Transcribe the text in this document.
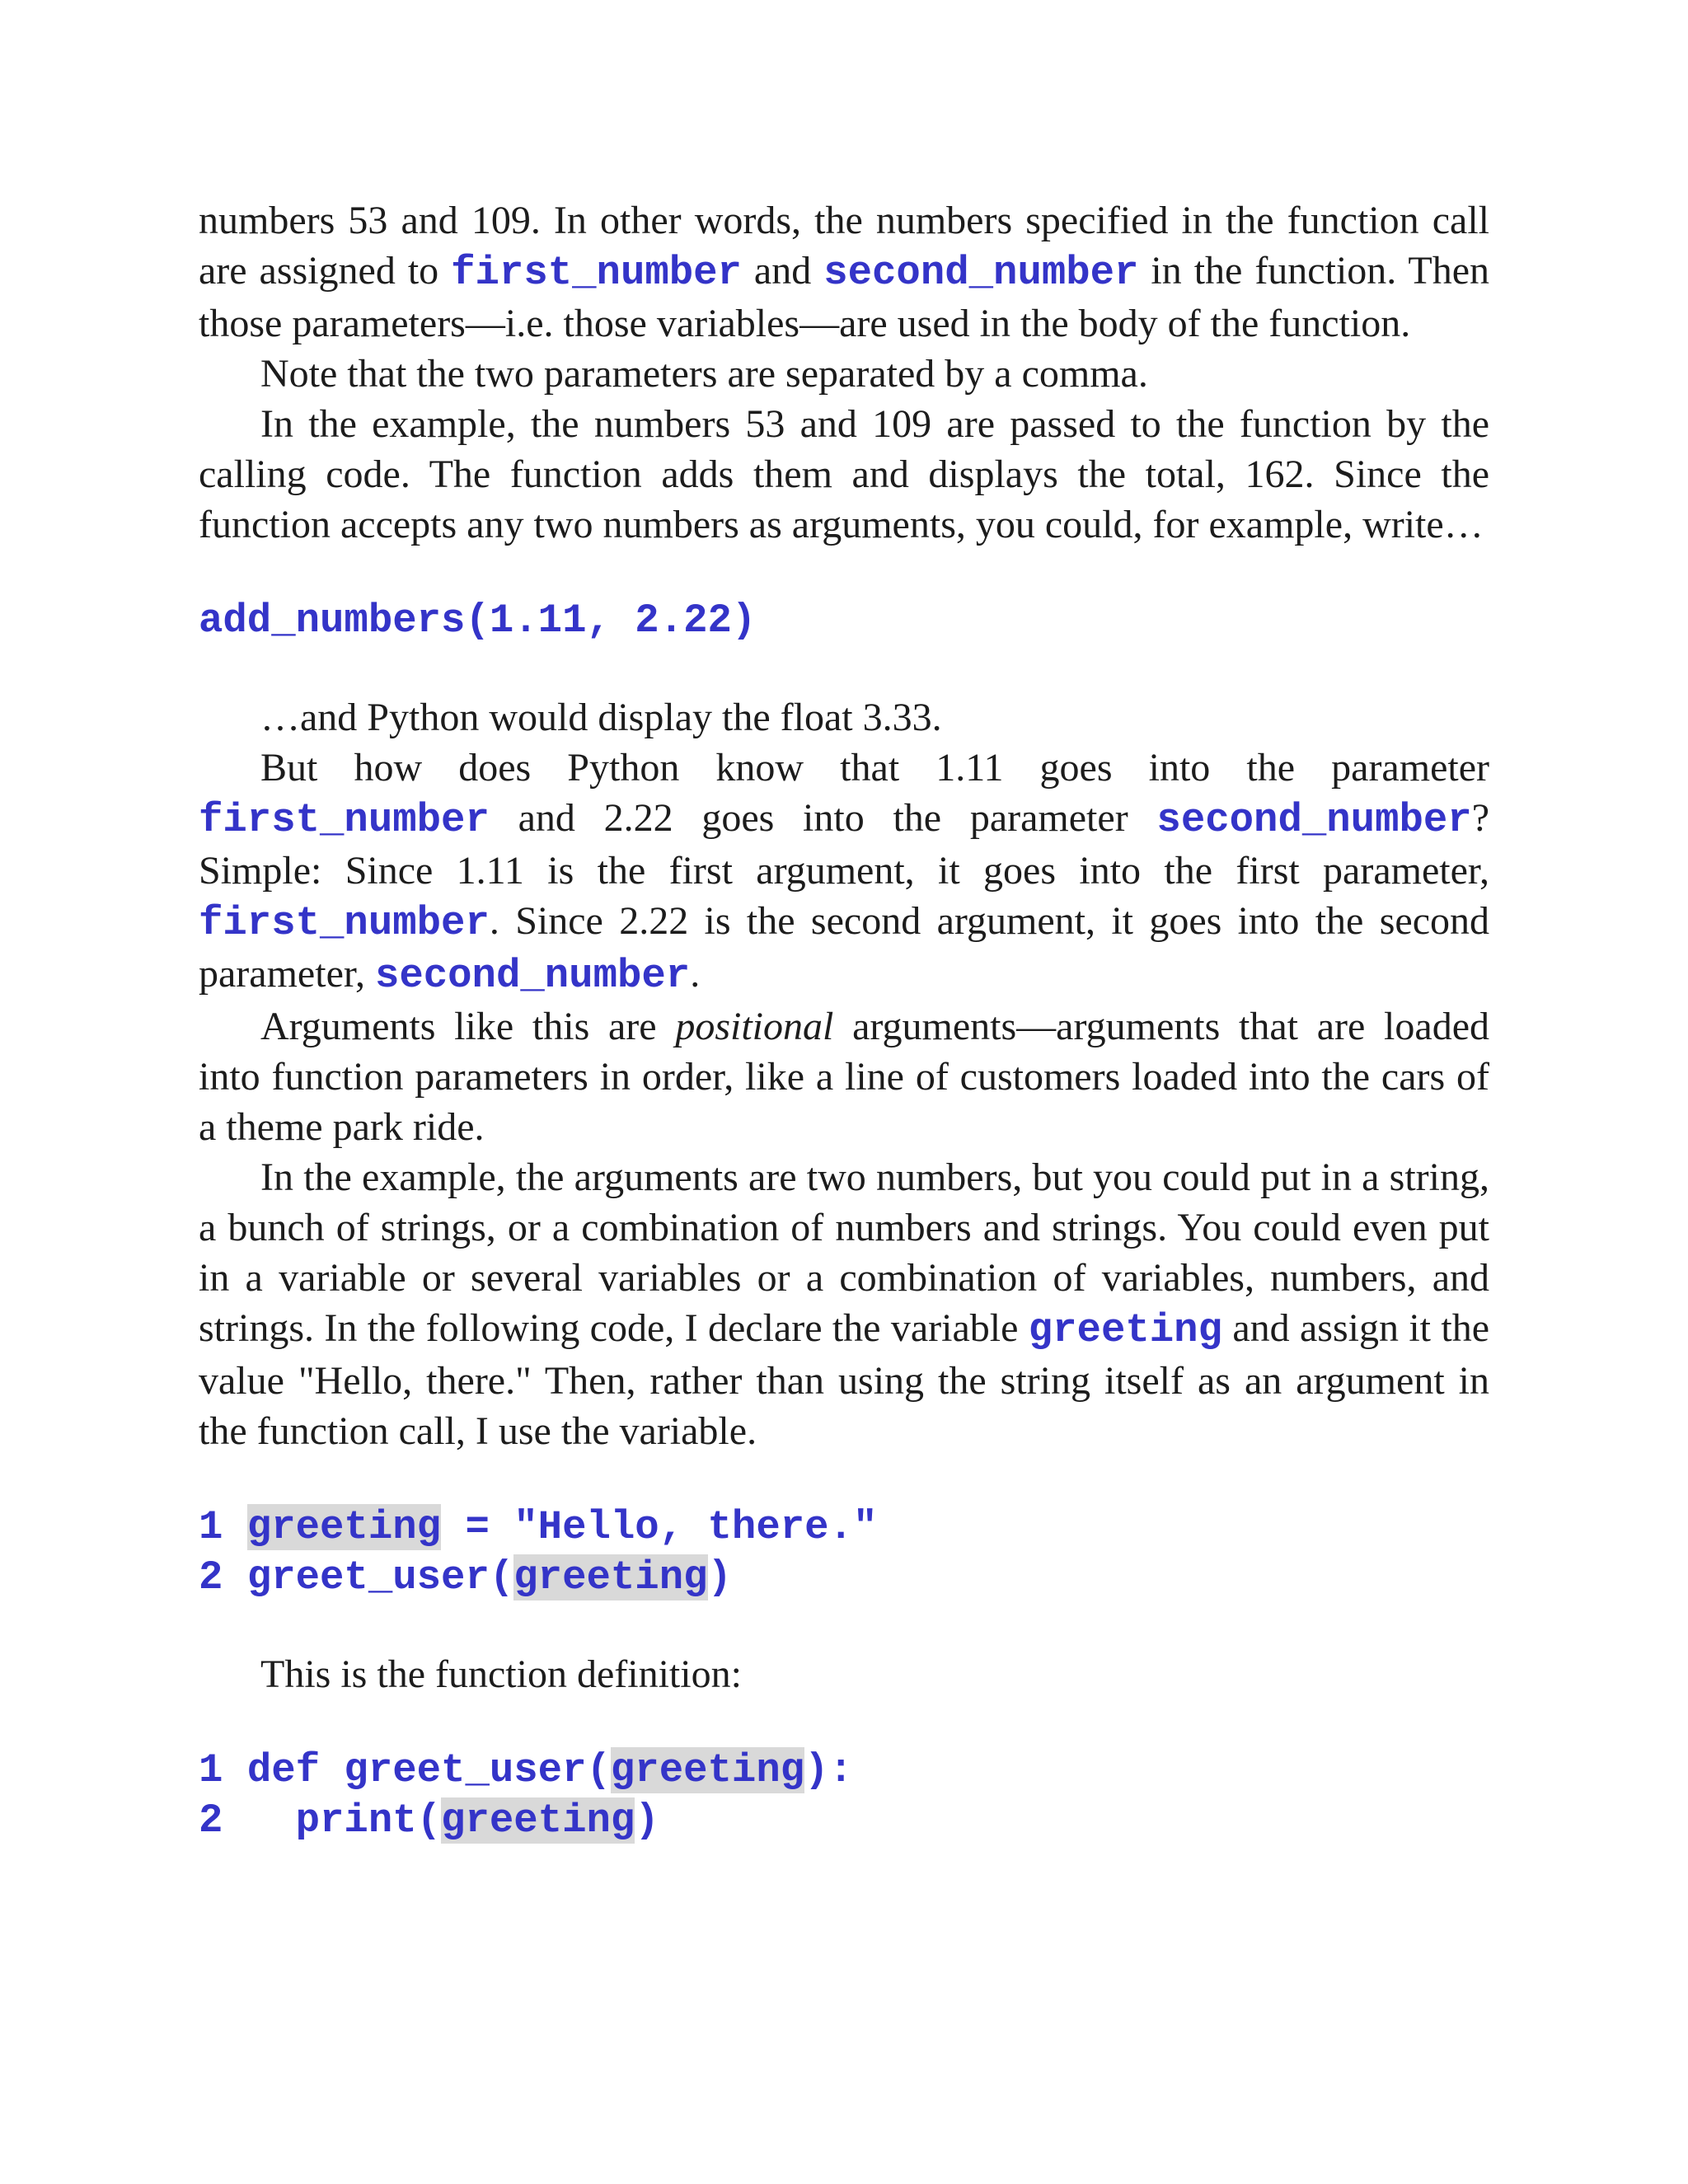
numbers 53 and 109. In other words, the numbers specified in the function call are assigned to first_number and second_number in the function. Then those parameters—i.e. those variables—are used in the body of the function.

Note that the two parameters are separated by a comma.

In the example, the numbers 53 and 109 are passed to the function by the calling code. The function adds them and displays the total, 162. Since the function accepts any two numbers as arguments, you could, for example, write…

add_numbers(1.11, 2.22)

…and Python would display the float 3.33.

But how does Python know that 1.11 goes into the parameter first_number and 2.22 goes into the parameter second_number? Simple: Since 1.11 is the first argument, it goes into the first parameter, first_number. Since 2.22 is the second argument, it goes into the second parameter, second_number.

Arguments like this are positional arguments—arguments that are loaded into function parameters in order, like a line of customers loaded into the cars of a theme park ride.

In the example, the arguments are two numbers, but you could put in a string, a bunch of strings, or a combination of numbers and strings. You could even put in a variable or several variables or a combination of variables, numbers, and strings. In the following code, I declare the variable greeting and assign it the value "Hello, there." Then, rather than using the string itself as an argument in the function call, I use the variable.

1 greeting = "Hello, there."

2 greet_user(greeting)

This is the function definition:

1 def greet_user(greeting):

2   print(greeting)
